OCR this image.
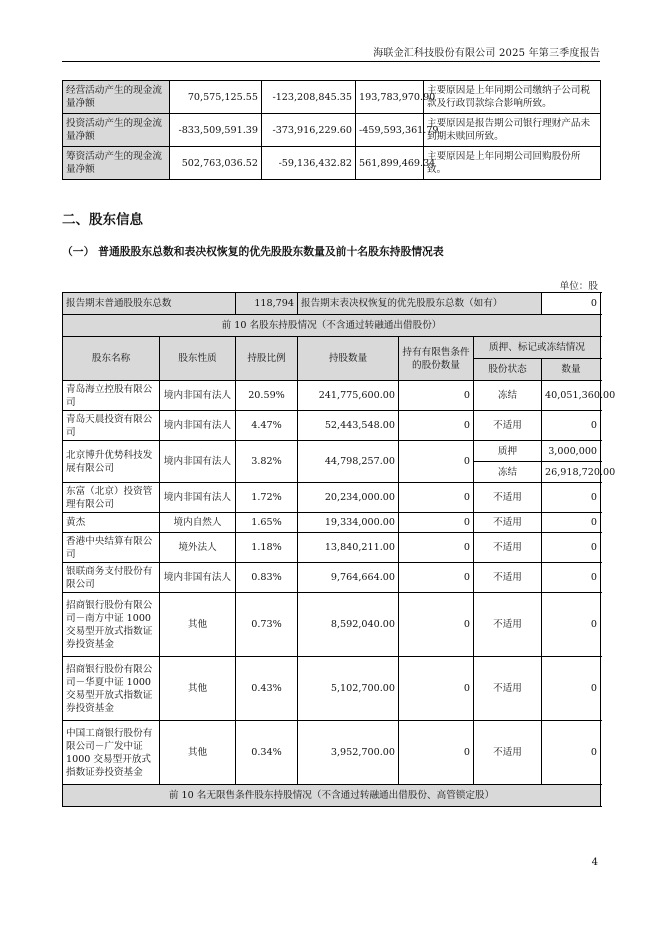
海联金汇科技股份有限公司 2025 年第三季度报告
经营活动产生的现金流量净额	70,575,125.55	-123,208,845.35	193,783,970.90	主要原因是上年同期公司缴纳子公司税款及行政罚款综合影响所致。
投资活动产生的现金流量净额	-833,509,591.39	-373,916,229.60	-459,593,361.79	主要原因是报告期公司银行理财产品未到期未赎回所致。
筹资活动产生的现金流量净额	502,763,036.52	-59,136,432.82	561,899,469.34	主要原因是上年同期公司回购股份所致。
二、股东信息
（一） 普通股股东总数和表决权恢复的优先股股东数量及前十名股东持股情况表
单位：股
报告期末普通股股东总数		118,794	报告期末表决权恢复的优先股股东总数（如有）			0
前 10 名股东持股情况（不含通过转融通出借股份）						
股东名称	股东性质	持股比例	持股数量	持有有限售条件的股份数量	质押、标记或冻结情况	
					股份状态	数量
青岛海立控股有限公司	境内非国有法人	20.59%	241,775,600.00	0	冻结	40,051,360.00
青岛天晨投资有限公司	境内非国有法人	4.47%	52,443,548.00	0	不适用	0
北京博升优势科技发展有限公司	境内非国有法人	3.82%	44,798,257.00	0	质押	3,000,000
					冻结	26,918,720.00
东富（北京）投资管理有限公司	境内非国有法人	1.72%	20,234,000.00	0	不适用	0
黄杰	境内自然人	1.65%	19,334,000.00	0	不适用	0
香港中央结算有限公司	境外法人	1.18%	13,840,211.00	0	不适用	0
银联商务支付股份有限公司	境内非国有法人	0.83%	9,764,664.00	0	不适用	0
招商银行股份有限公司－南方中证 1000 交易型开放式指数证券投资基金	其他	0.73%	8,592,040.00	0	不适用	0
招商银行股份有限公司－华夏中证 1000 交易型开放式指数证券投资基金	其他	0.43%	5,102,700.00	0	不适用	0
中国工商银行股份有限公司－广发中证 1000 交易型开放式指数证券投资基金	其他	0.34%	3,952,700.00	0	不适用	0
前 10 名无限售条件股东持股情况（不含通过转融通出借股份、高管锁定股）						
4
